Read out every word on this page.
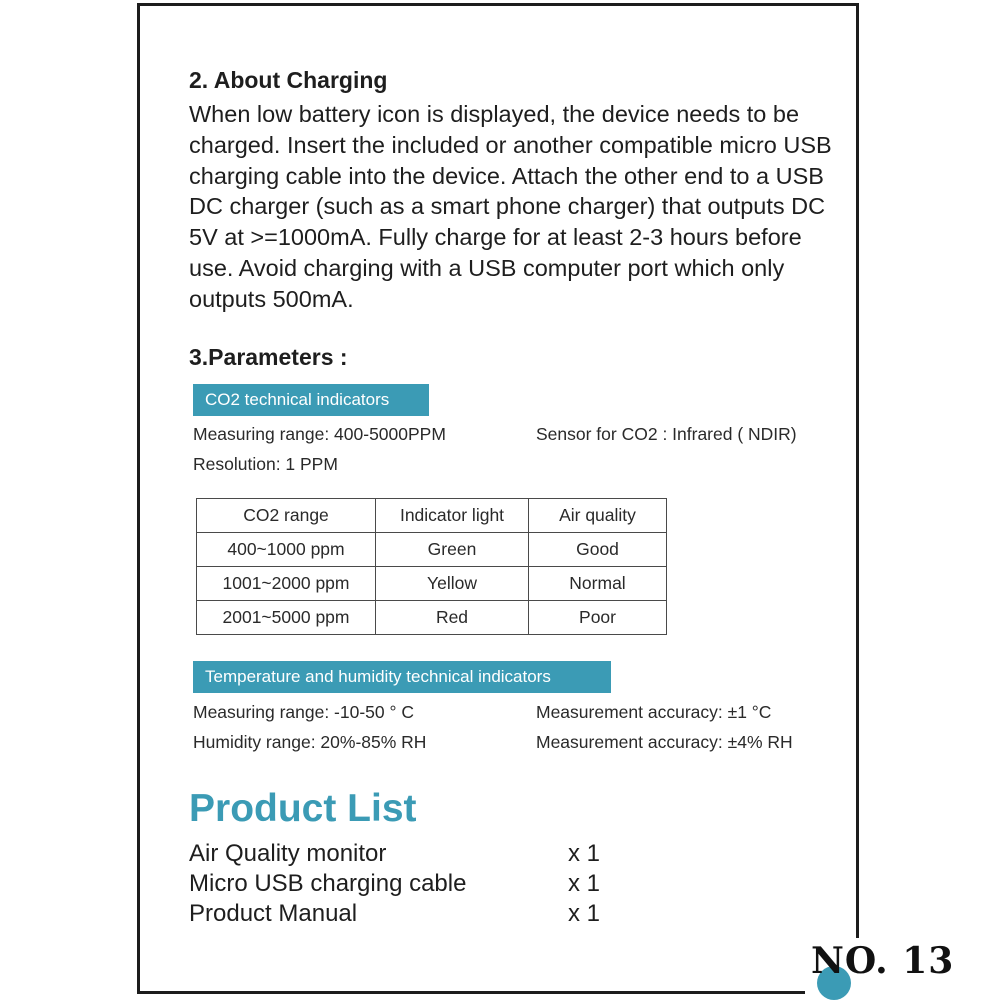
2. About Charging

When low battery icon is displayed, the device needs to be charged. Insert the included or another compatible micro USB charging cable into the device. Attach the other end to a USB DC charger (such as a smart phone charger) that outputs DC 5V at >=1000mA. Fully charge for at least 2-3 hours before use. Avoid charging with a USB computer port which only outputs 500mA.

3.Parameters :
CO2 technical indicators
Measuring range: 400-5000PPM	Sensor for CO2 : Infrared ( NDIR)
Resolution: 1 PPM
CO2 range	Indicator light	Air quality
400~1000 ppm	Green	Good
1001~2000 ppm	Yellow	Normal
2001~5000 ppm	Red	Poor
Temperature and humidity technical indicators
Measuring range: -10-50 ° C	Measurement accuracy: ±1 °C
Humidity range: 20%-85% RH	Measurement accuracy: ±4% RH
Product List
Air Quality monitor	x 1
Micro USB charging cable	x 1
Product Manual	x 1
NO. 13
